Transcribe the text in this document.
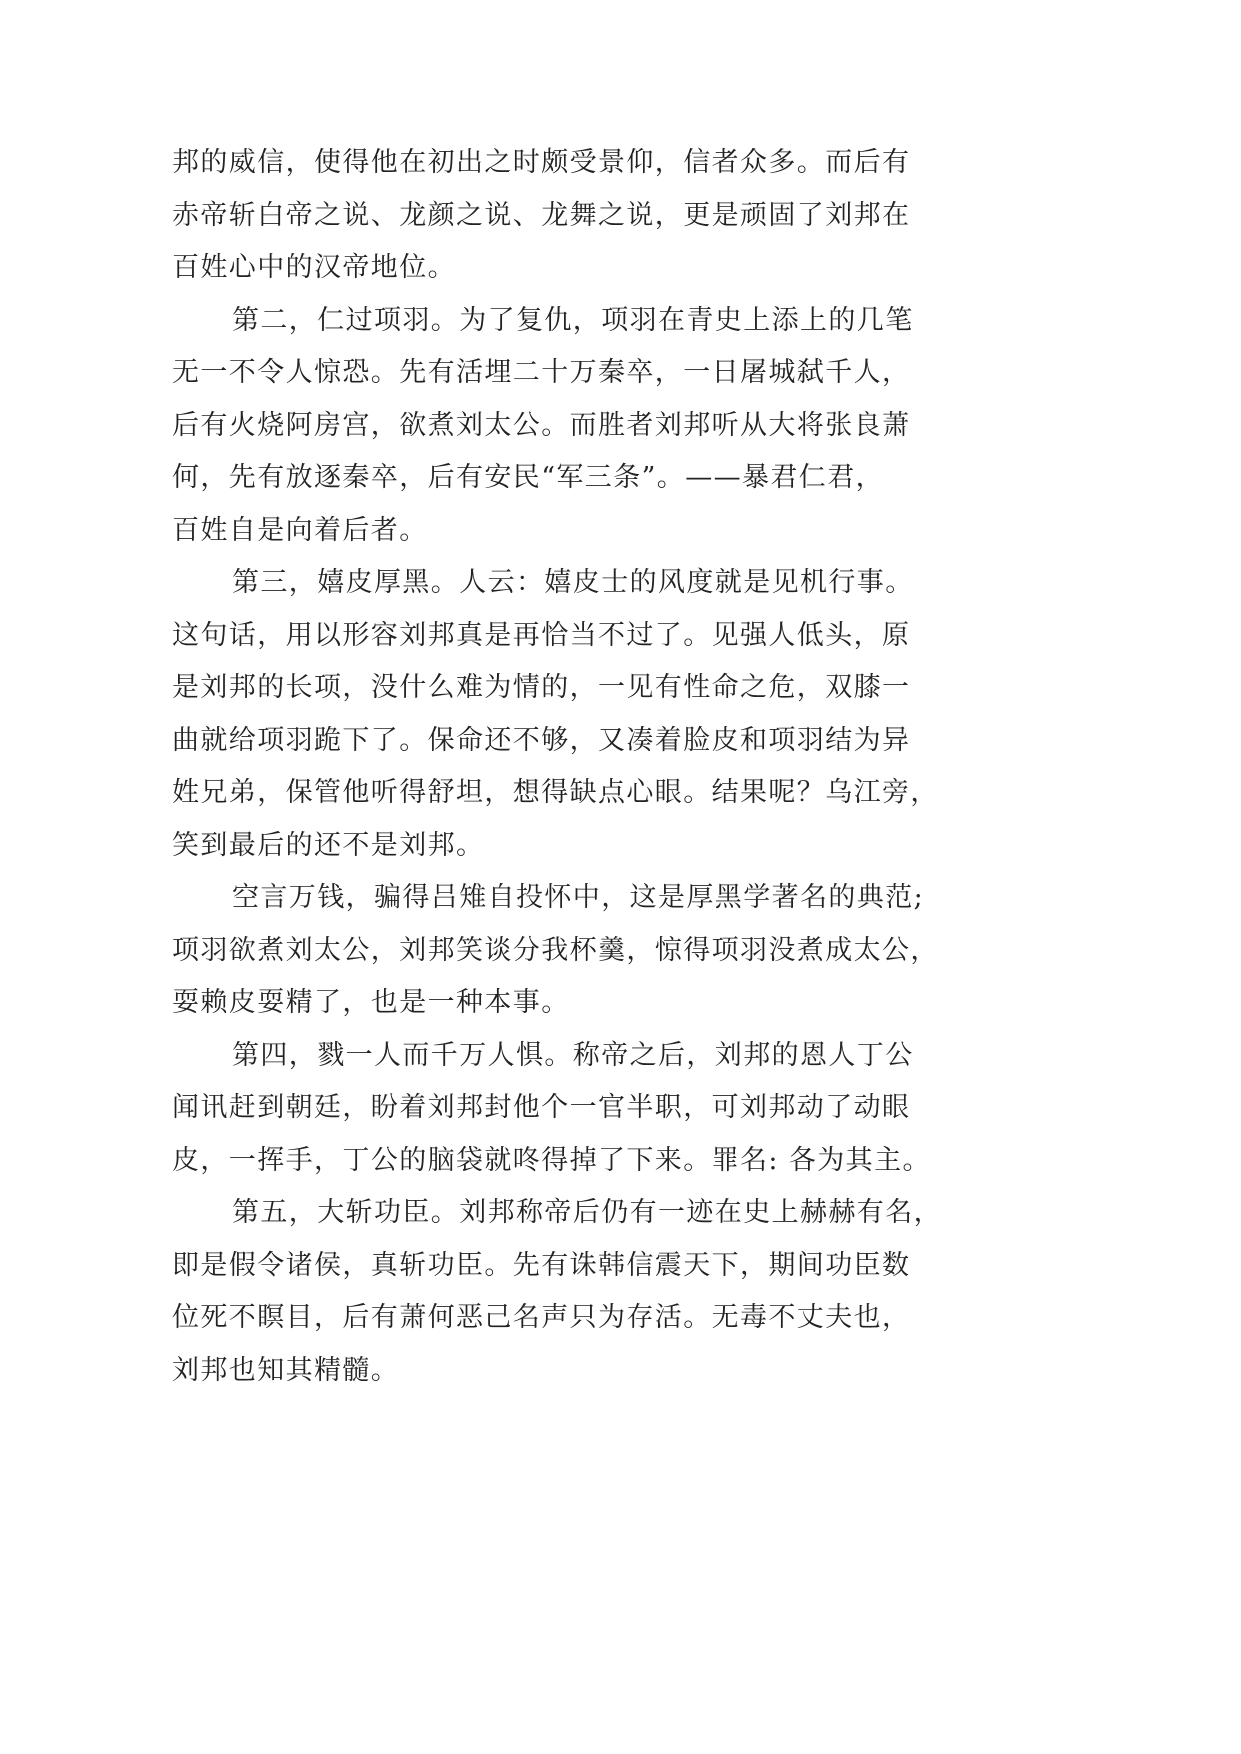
邦的威信，使得他在初出之时颇受景仰，信者众多。而后有
赤帝斩白帝之说、龙颜之说、龙舞之说，更是顽固了刘邦在
百姓心中的汉帝地位。
第二，仁过项羽。为了复仇，项羽在青史上添上的几笔
无一不令人惊恐。先有活埋二十万秦卒，一日屠城弑千人，
后有火烧阿房宫，欲煮刘太公。而胜者刘邦听从大将张良萧
何，先有放逐秦卒，后有安民“军三条”。——暴君仁君，
百姓自是向着后者。
第三，嬉皮厚黑。人云：嬉皮士的风度就是见机行事。
这句话，用以形容刘邦真是再恰当不过了。见强人低头，原
是刘邦的长项，没什么难为情的，一见有性命之危，双膝一
曲就给项羽跪下了。保命还不够，又凑着脸皮和项羽结为异
姓兄弟，保管他听得舒坦，想得缺点心眼。结果呢？乌江旁，
笑到最后的还不是刘邦。
空言万钱，骗得吕雉自投怀中，这是厚黑学著名的典范;
项羽欲煮刘太公，刘邦笑谈分我杯羹，惊得项羽没煮成太公，
耍赖皮耍精了，也是一种本事。
第四，戮一人而千万人惧。称帝之后，刘邦的恩人丁公
闻讯赶到朝廷，盼着刘邦封他个一官半职，可刘邦动了动眼
皮，一挥手，丁公的脑袋就咚得掉了下来。罪名: 各为其主。
第五，大斩功臣。刘邦称帝后仍有一迹在史上赫赫有名，
即是假令诸侯，真斩功臣。先有诛韩信震天下，期间功臣数
位死不瞑目，后有萧何恶己名声只为存活。无毒不丈夫也，
刘邦也知其精髓。
